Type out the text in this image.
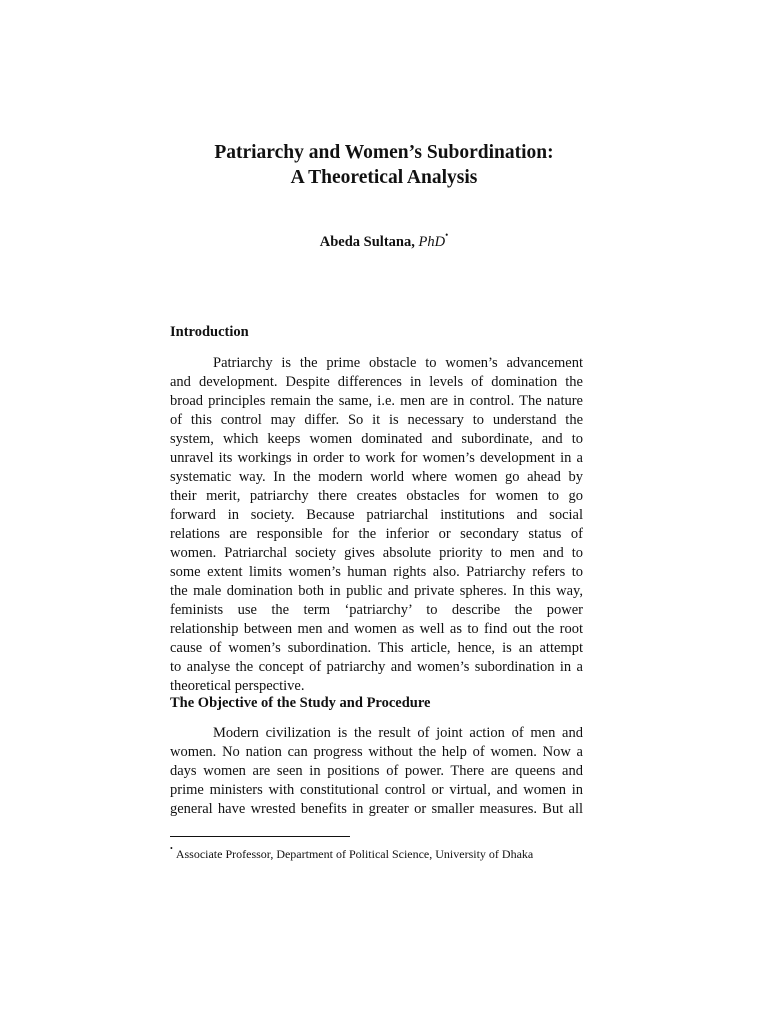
Patriarchy and Women’s Subordination:
A Theoretical Analysis
Abeda Sultana, PhD•
Introduction
Patriarchy is the prime obstacle to women’s advancement
and development. Despite differences in levels of domination the
broad principles remain the same, i.e. men are in control. The nature
of this control may differ. So it is necessary to understand the
system, which keeps women dominated and subordinate, and to
unravel its workings in order to work for women’s development in a
systematic way. In the modern world where women go ahead by
their merit, patriarchy there creates obstacles for women to go
forward in society. Because patriarchal institutions and social
relations are responsible for the inferior or secondary status of
women. Patriarchal society gives absolute priority to men and to
some extent limits women’s human rights also. Patriarchy refers to
the male domination both in public and private spheres. In this way,
feminists use the term ‘patriarchy’ to describe the power
relationship between men and women as well as to find out the root
cause of women’s subordination. This article, hence, is an attempt
to analyse the concept of patriarchy and women’s subordination in a
theoretical perspective.
The Objective of the Study and Procedure
Modern civilization is the result of joint action of men and
women. No nation can progress without the help of women. Now a
days women are seen in positions of power. There are queens and
prime ministers with constitutional control or virtual, and women in
general have wrested benefits in greater or smaller measures. But all
• Associate Professor, Department of Political Science, University of Dhaka
